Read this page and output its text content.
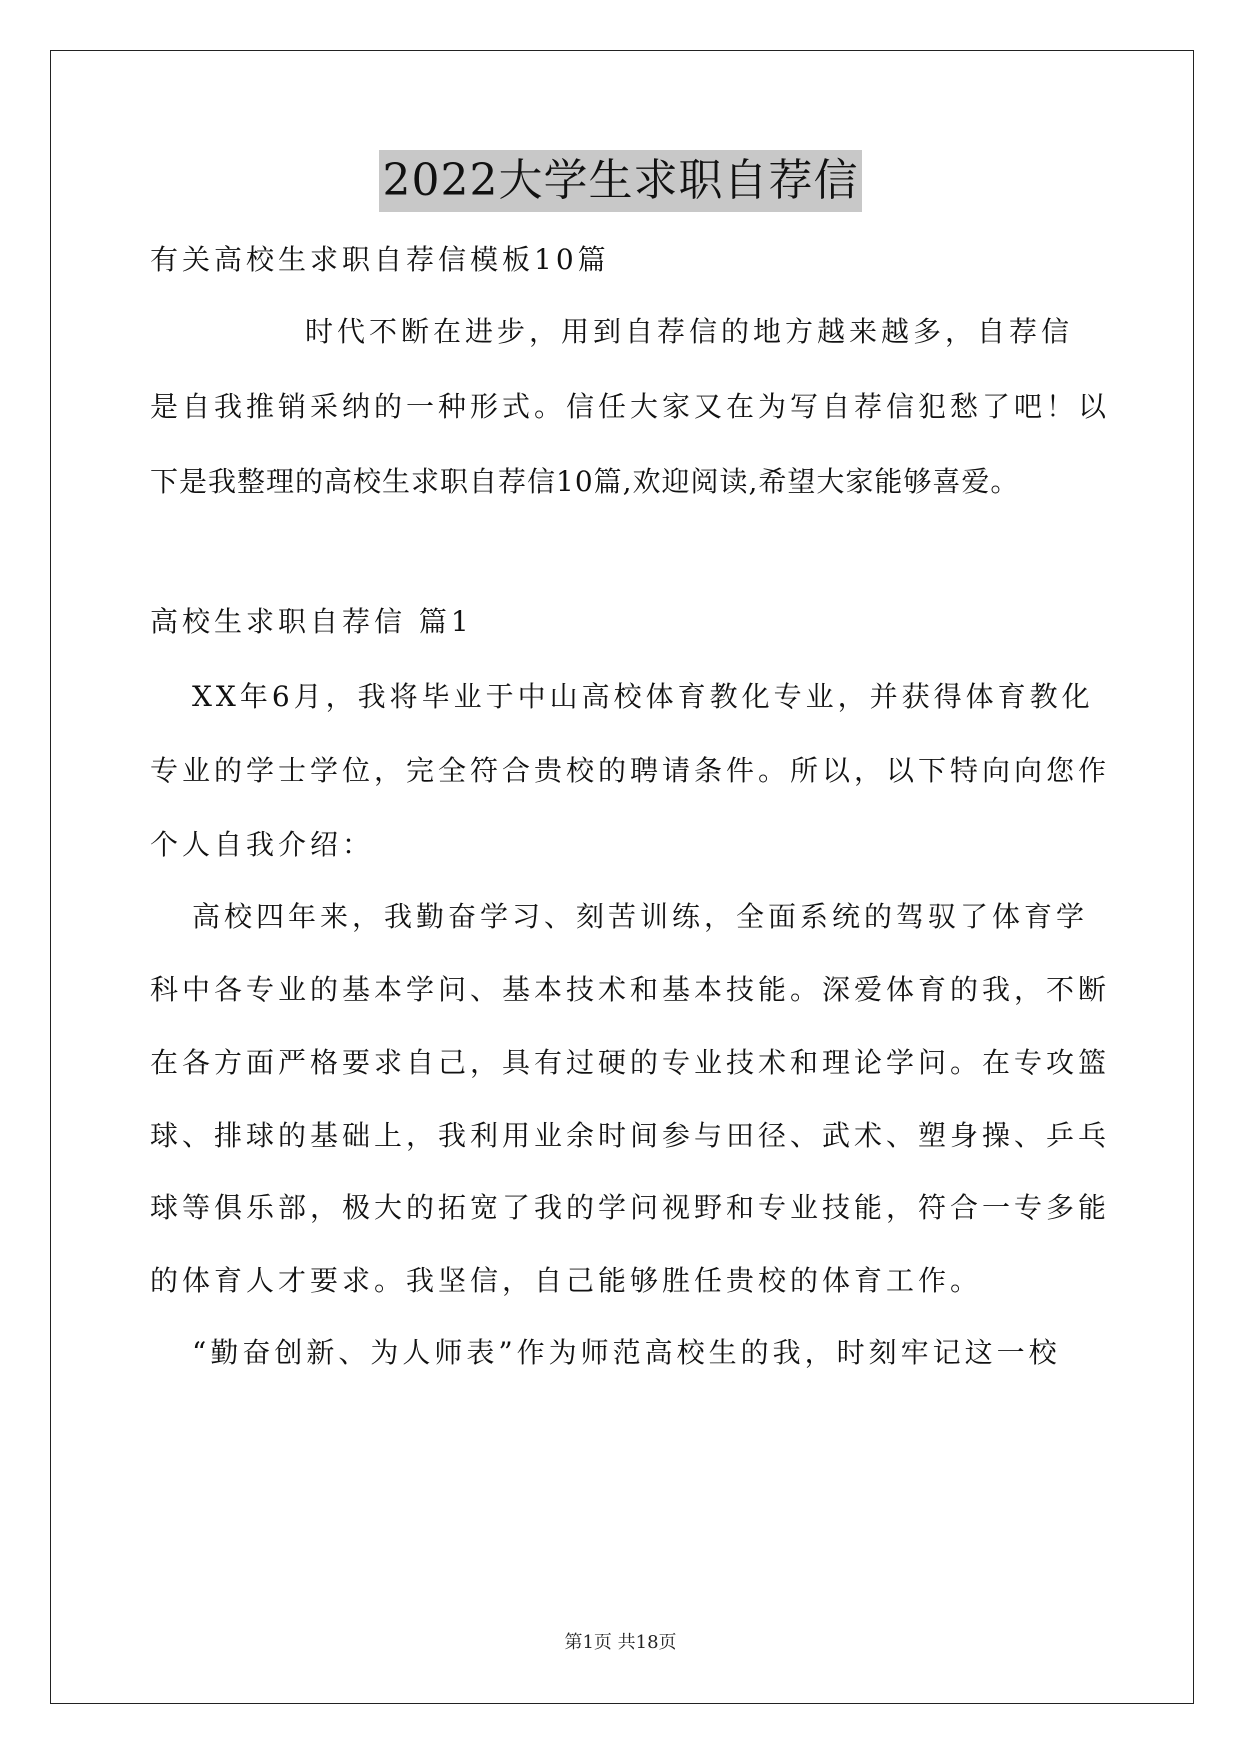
2022大学生求职自荐信
有关高校生求职自荐信模板10篇
时代不断在进步，用到自荐信的地方越来越多，自荐信
是自我推销采纳的一种形式。信任大家又在为写自荐信犯愁了吧！以
下是我整理的高校生求职自荐信10篇,欢迎阅读,希望大家能够喜爱。
高校生求职自荐信 篇1
XX年6月，我将毕业于中山高校体育教化专业，并获得体育教化
专业的学士学位，完全符合贵校的聘请条件。所以，以下特向向您作
个人自我介绍：
高校四年来，我勤奋学习、刻苦训练，全面系统的驾驭了体育学
科中各专业的基本学问、基本技术和基本技能。深爱体育的我，不断
在各方面严格要求自己，具有过硬的专业技术和理论学问。在专攻篮
球、排球的基础上，我利用业余时间参与田径、武术、塑身操、乒乓
球等俱乐部，极大的拓宽了我的学问视野和专业技能，符合一专多能
的体育人才要求。我坚信，自己能够胜任贵校的体育工作。
“勤奋创新、为人师表”作为师范高校生的我，时刻牢记这一校
第1页 共18页
